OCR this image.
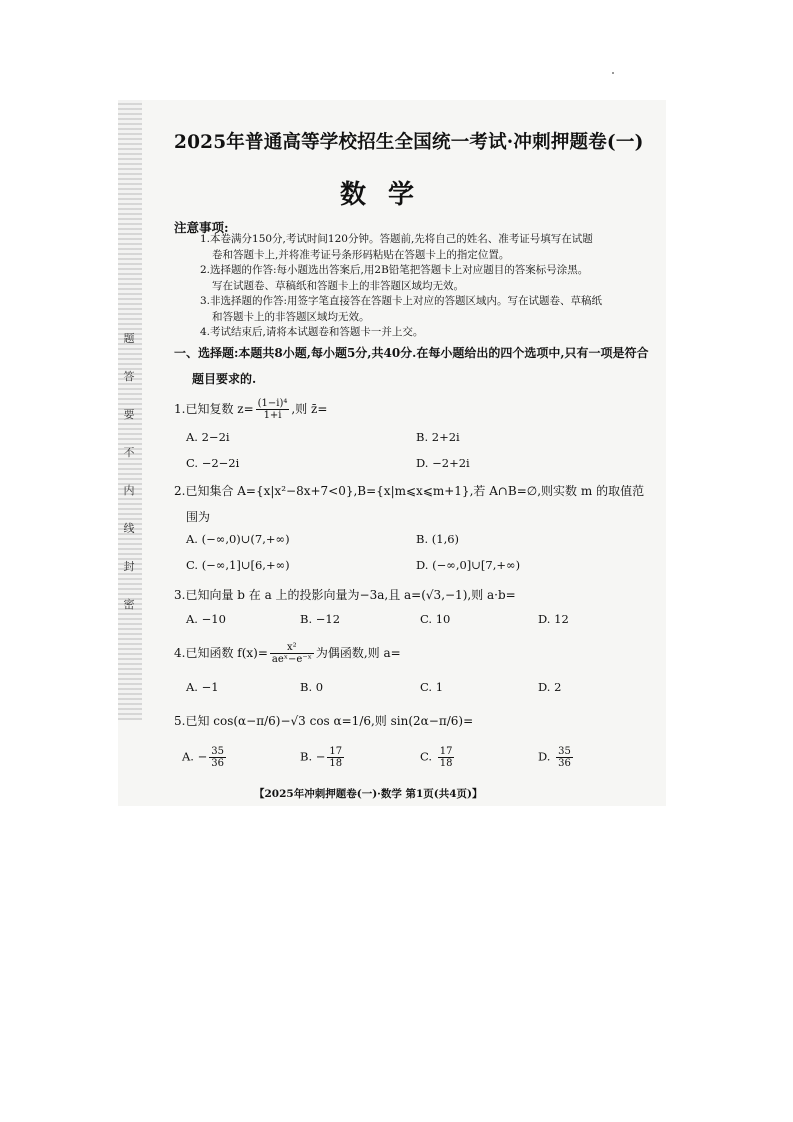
题
答
要
不
内
线
封
密
2025年普通高等学校招生全国统一考试·冲刺押题卷(一)
数学
注意事项:
1.本卷满分150分,考试时间120分钟。答题前,先将自己的姓名、准考证号填写在试题
卷和答题卡上,并将准考证号条形码粘贴在答题卡上的指定位置。
2.选择题的作答:每小题选出答案后,用2B铅笔把答题卡上对应题目的答案标号涂黑。
写在试题卷、草稿纸和答题卡上的非答题区域均无效。
3.非选择题的作答:用签字笔直接答在答题卡上对应的答题区域内。写在试题卷、草稿纸
和答题卡上的非答题区域均无效。
4.考试结束后,请将本试题卷和答题卡一并上交。
一、选择题:本题共8小题,每小题5分,共40分.在每小题给出的四个选项中,只有一项是符合
题目要求的.
1.已知复数 $z= \frac{\text{(1−i)⁴}}{1+i}$ ,则 z̄=
A. 2−2i	B. 2+2i
C. −2−2i	D. −2+2i
2.已知集合 A={x|x²−8x+7<0},B={x|m⩽x⩽m+1},若 A∩B=∅,则实数 m 的取值范
围为
A. (−∞,0)∪(7,+∞)	B. (1,6)
C. (−∞,1]∪[6,+∞)	D. (−∞,0]∪[7,+∞)
3.已知向量 b 在 a 上的投影向量为−3a,且 a=(√3,−1),则 a·b=
A. −10	B. −12	C. 10	D. 12
4.已知函数 $f(x)= \frac{\text{x²}}{\text{aeˣ−e⁻ˣ}}$ 为偶函数,则 a=
A. −1	B. 0	C. 1	D. 2
5.已知 cos(α−π/6)−√3 cos α=1/6,则 sin(2α−π/6)=
A. − $\frac{35}{36}$	B. − $\frac{17}{18}$	C. $\frac{17}{18}$	D. $\frac{35}{36}$
【2025年冲刺押题卷(一)·数学 第1页(共4页)】
